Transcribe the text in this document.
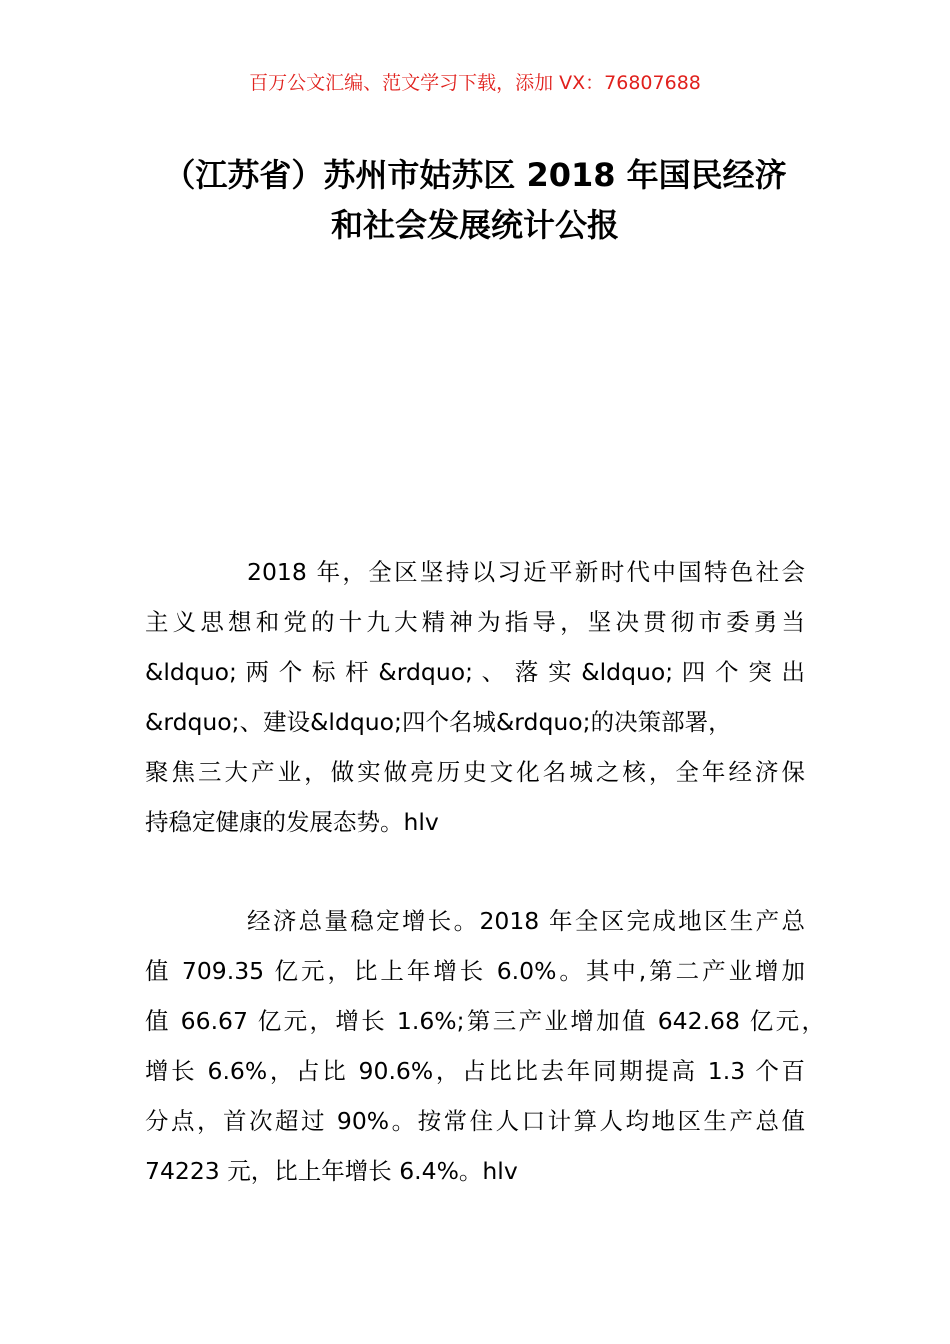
百万公文汇编、范文学习下载，添加 VX：76807688
（江苏省）苏州市姑苏区 2018 年国民经济
和社会发展统计公报
2018 年，全区坚持以习近平新时代中国特色社会
主义思想和党的十九大精神为指导，坚决贯彻市委勇当
&ldquo; 两 个 标 杆 &rdquo; 、 落 实 &ldquo; 四 个 突 出
&rdquo;、建设&ldquo;四个名城&rdquo;的决策部署，
聚焦三大产业，做实做亮历史文化名城之核，全年经济保
持稳定健康的发展态势。hlv
经济总量稳定增长。2018 年全区完成地区生产总
值 709.35 亿元，比上年增长 6.0%。其中,第二产业增加
值 66.67 亿元，增长 1.6%;第三产业增加值 642.68 亿元，
增长 6.6%，占比 90.6%，占比比去年同期提高 1.3 个百
分点，首次超过 90%。按常住人口计算人均地区生产总值
74223 元，比上年增长 6.4%。hlv
